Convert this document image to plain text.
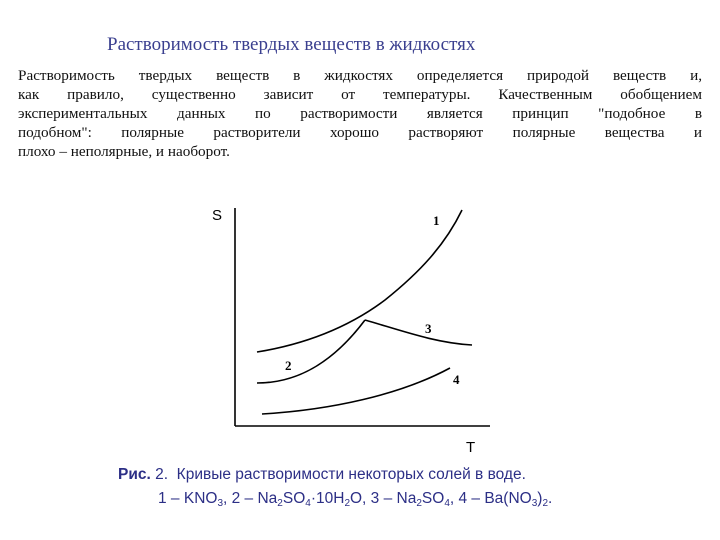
Растворимость твердых веществ в жидкостях
Растворимость твердых веществ в жидкостях определяется природой веществ и,
как правило, существенно зависит от температуры. Качественным обобщением
экспериментальных данных по растворимости является принцип "подобное в
подобном": полярные растворители хорошо растворяют полярные вещества и
плохо – неполярные, и наоборот.
S
T
1
2
3
4
Рис. 2. Кривые растворимости некоторых солей в воде.
$1 - KNO_3$, $2 - Na_2SO_4\cdot 10H_2O$, $3 - Na_2SO_4$, $4 - Ba(NO_3)_2$.
